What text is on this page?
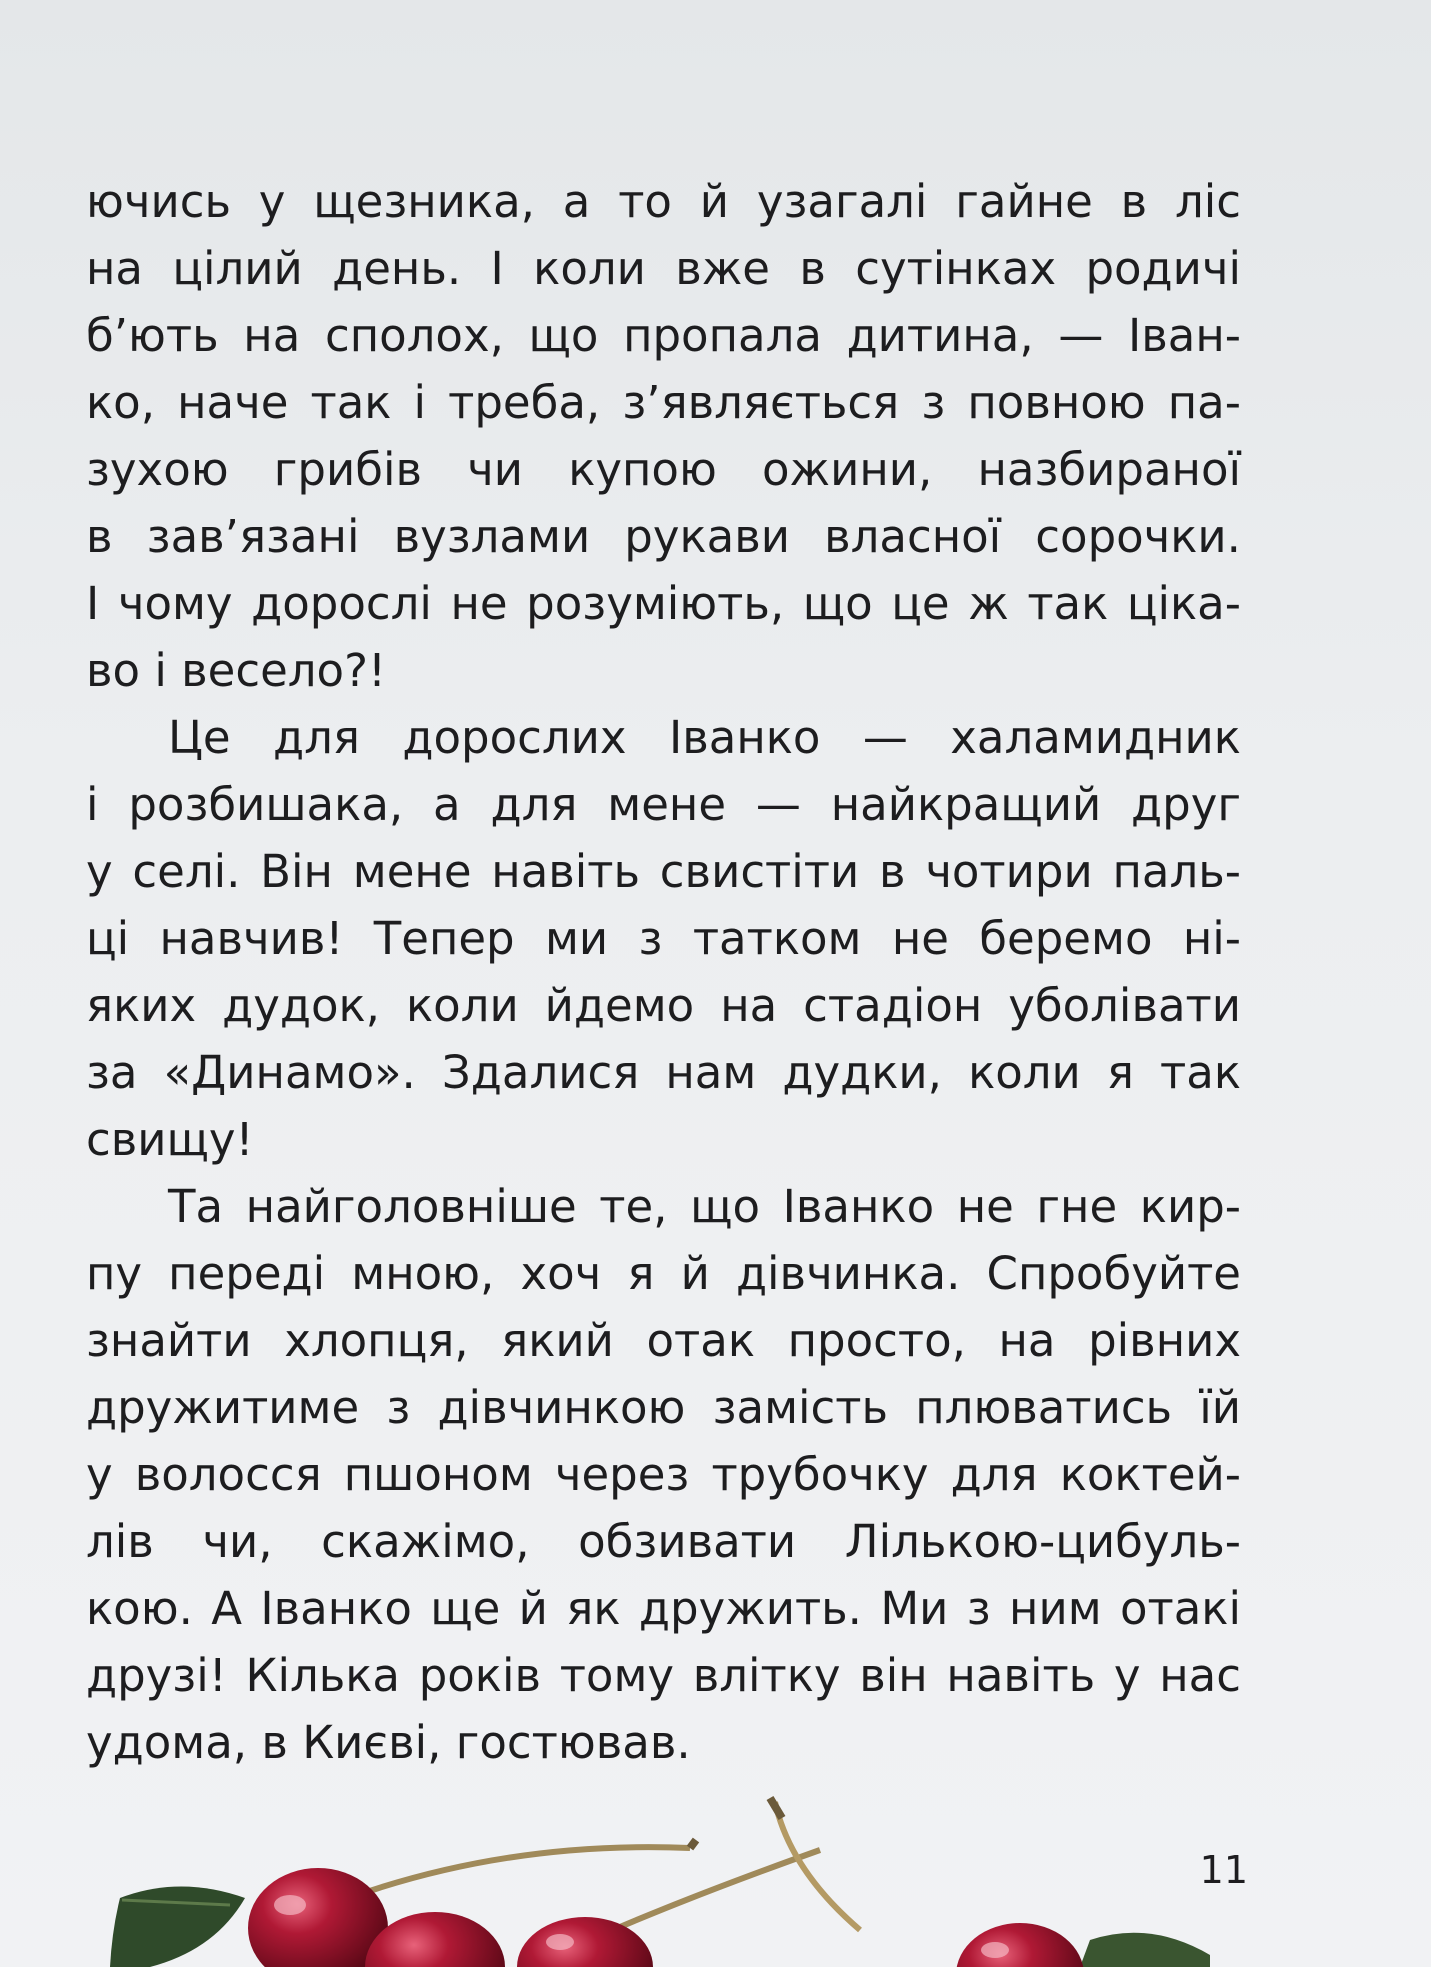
ючись у щезника, а то й узагалі гайне в ліс
на цілий день. І коли вже в сутінках родичі
б’ють на сполох, що пропала дитина, — Іван-
ко, наче так і треба, з’являється з повною па-
зухою грибів чи купою ожини, назбираної
в зав’язані вузлами рукави власної сорочки.
І чому дорослі не розуміють, що це ж так ціка-
во і весело?!
Це для дорослих Іванко — халамидник
і розбишака, а для мене — найкращий друг
у селі. Він мене навіть свистіти в чотири паль-
ці навчив! Тепер ми з татком не беремо ні-
яких дудок, коли йдемо на стадіон уболівати
за «Динамо». Здалися нам дудки, коли я так
свищу!
Та найголовніше те, що Іванко не гне кир-
пу переді мною, хоч я й дівчинка. Спробуйте
знайти хлопця, який отак просто, на рівних
дружитиме з дівчинкою замість плюватись їй
у волосся пшоном через трубочку для коктей-
лів чи, скажімо, обзивати Лількою-цибуль-
кою. А Іванко ще й як дружить. Ми з ним отакі
друзі! Кілька років тому влітку він навіть у нас
удома, в Києві, гостював.
11
